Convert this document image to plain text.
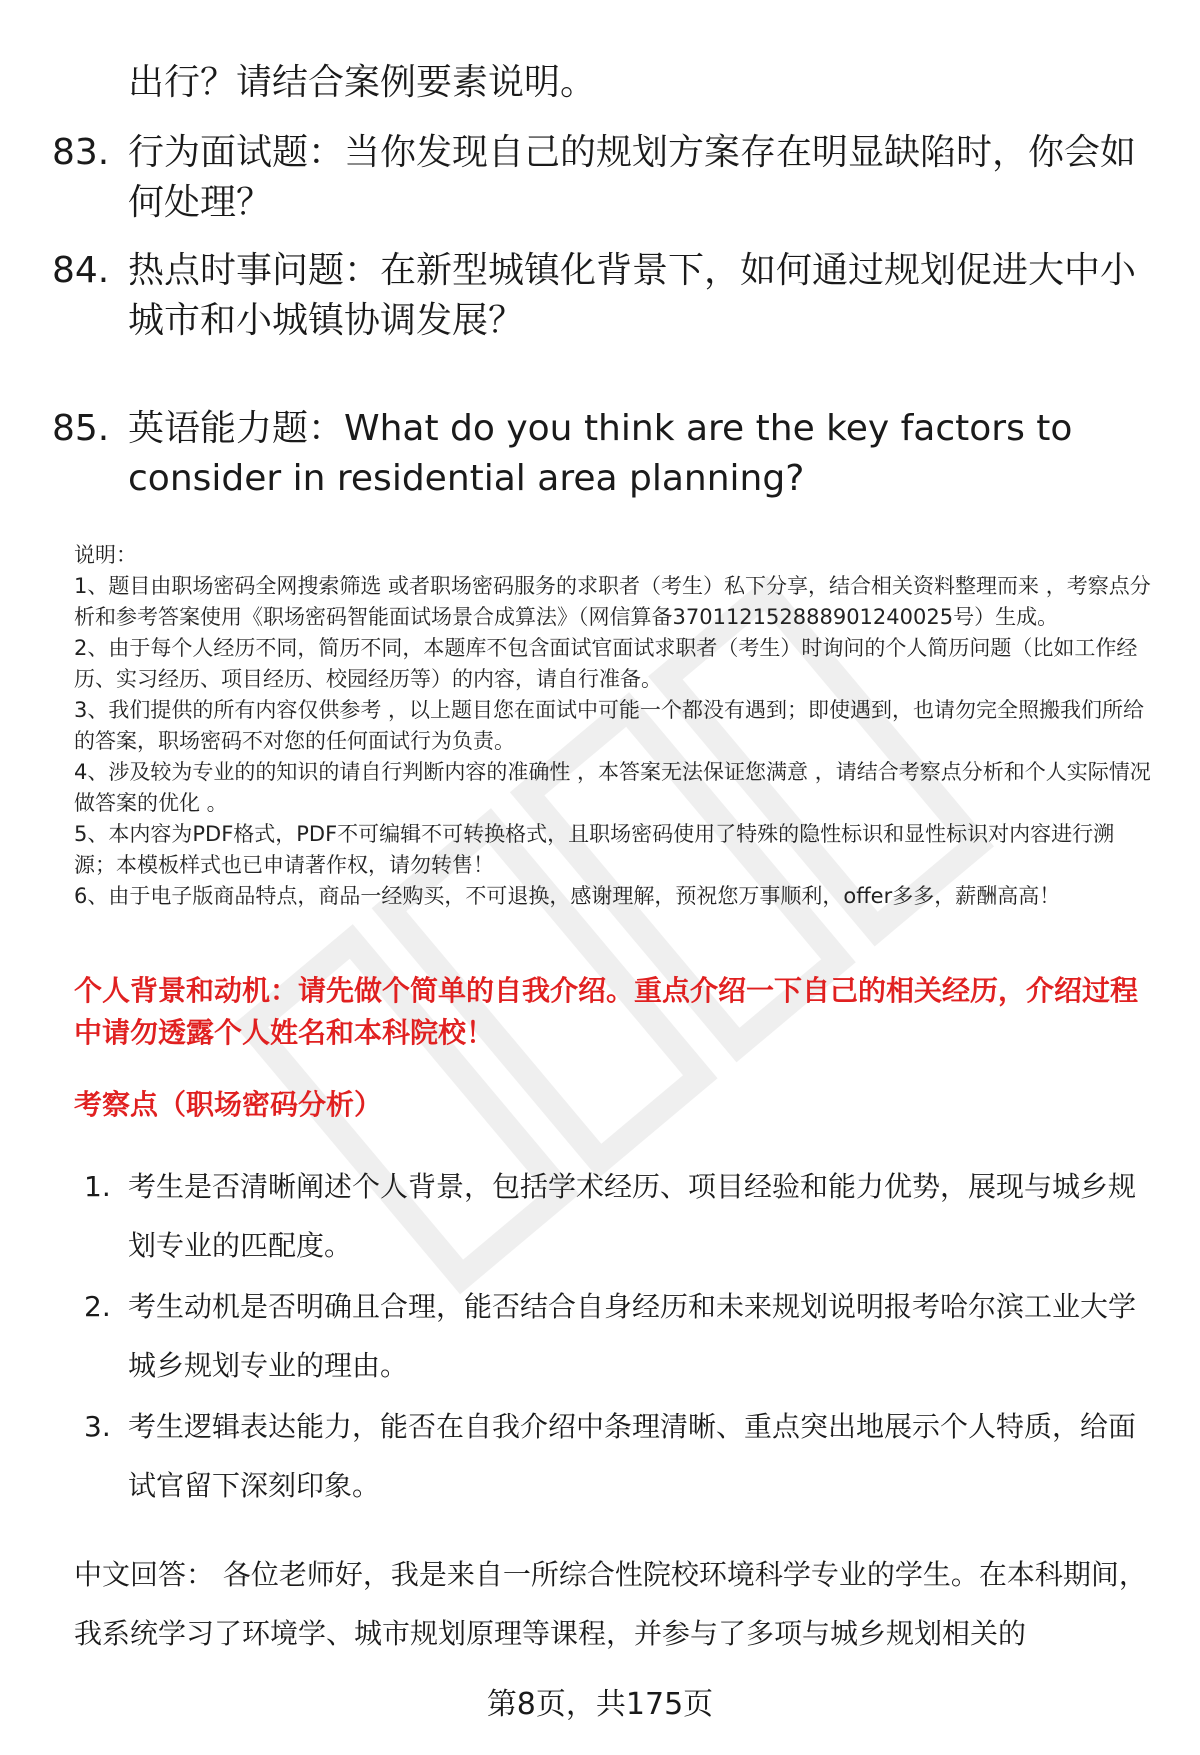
出行？请结合案例要素说明。
83. 行为面试题：当你发现自己的规划方案存在明显缺陷时，你会如何处理？
84. 热点时事问题：在新型城镇化背景下，如何通过规划促进大中小城市和小城镇协调发展？
85. 英语能力题：What do you think are the key factors to consider in residential area planning?
说明：
1、题目由职场密码全网搜索筛选 或者职场密码服务的求职者（考生）私下分享，结合相关资料整理而来 ，考察点分析和参考答案使用《职场密码智能面试场景合成算法》（网信算备370112152888901240025号）生成。
2、由于每个人经历不同，简历不同，本题库不包含面试官面试求职者（考生）时询问的个人简历问题（比如工作经历、实习经历、项目经历、校园经历等）的内容，请自行准备。
3、我们提供的所有内容仅供参考 ，以上题目您在面试中可能一个都没有遇到；即使遇到，也请勿完全照搬我们所给的答案，职场密码不对您的任何面试行为负责。
4、涉及较为专业的的知识的请自行判断内容的准确性 ，本答案无法保证您满意 ，请结合考察点分析和个人实际情况做答案的优化 。
5、本内容为PDF格式，PDF不可编辑不可转换格式，且职场密码使用了特殊的隐性标识和显性标识对内容进行溯源；本模板样式也已申请著作权，请勿转售！
6、由于电子版商品特点，商品一经购买，不可退换，感谢理解，预祝您万事顺利，offer多多，薪酬高高！
个人背景和动机：请先做个简单的自我介绍。重点介绍一下自己的相关经历，介绍过程中请勿透露个人姓名和本科院校！
考察点（职场密码分析）
1. 考生是否清晰阐述个人背景，包括学术经历、项目经验和能力优势，展现与城乡规划专业的匹配度。
2. 考生动机是否明确且合理，能否结合自身经历和未来规划说明报考哈尔滨工业大学城乡规划专业的理由。
3. 考生逻辑表达能力，能否在自我介绍中条理清晰、重点突出地展示个人特质，给面试官留下深刻印象。
中文回答： 各位老师好，我是来自一所综合性院校环境科学专业的学生。在本科期间，我系统学习了环境学、城市规划原理等课程，并参与了多项与城乡规划相关的
第8页，共175页
